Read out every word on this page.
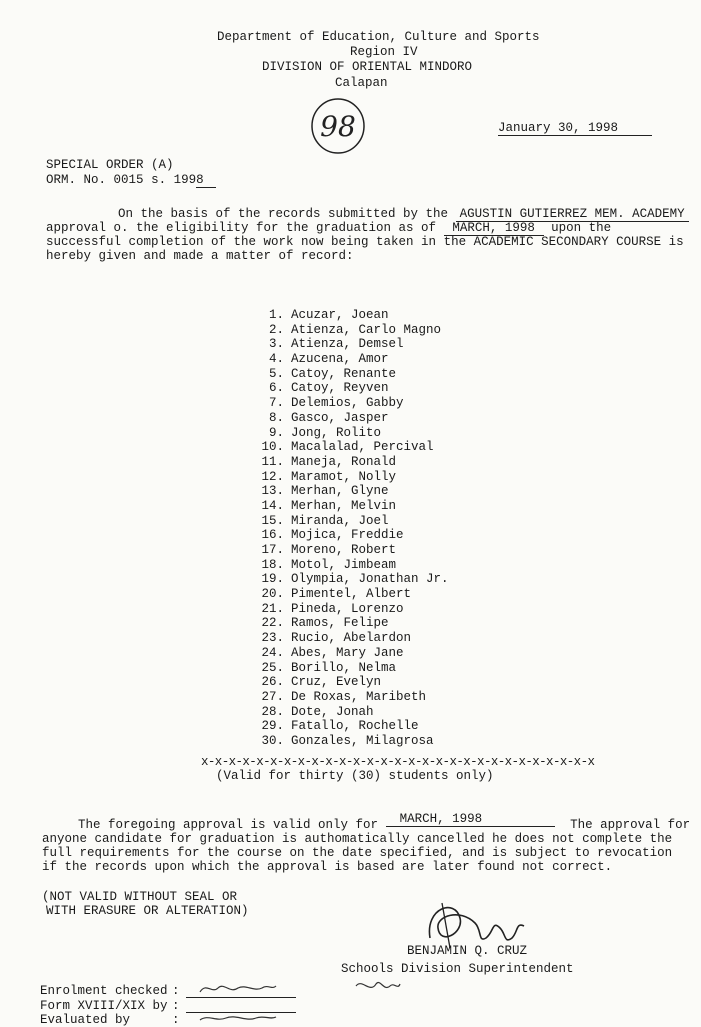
Department of Education, Culture and Sports
Region IV
DIVISION OF ORIENTAL MINDORO
Calapan
98	January 30, 1998
SPECIAL ORDER (A)
ORM. No. 0015 s. 1998
On the basis of the records submitted by the AGUSTIN GUTIERREZ MEM. ACADEMY
approval o. the eligibility for the graduation as of MARCH, 1998 upon the
successful completion of the work now being taken in the ACADEMIC SECONDARY COURSE is
hereby given and made a matter of record:
1. Acuzar, Joean
2. Atienza, Carlo Magno
3. Atienza, Demsel
4. Azucena, Amor
5. Catoy, Renante
6. Catoy, Reyven
7. Delemios, Gabby
8. Gasco, Jasper
9. Jong, Rolito
10. Macalalad, Percival
11. Maneja, Ronald
12. Maramot, Nolly
13. Merhan, Glyne
14. Merhan, Melvin
15. Miranda, Joel
16. Mojica, Freddie
17. Moreno, Robert
18. Motol, Jimbeam
19. Olympia, Jonathan Jr.
20. Pimentel, Albert
21. Pineda, Lorenzo
22. Ramos, Felipe
23. Rucio, Abelardon
24. Abes, Mary Jane
25. Borillo, Nelma
26. Cruz, Evelyn
27. De Roxas, Maribeth
28. Dote, Jonah
29. Fatallo, Rochelle
30. Gonzales, Milagrosa
x-x-x-x-x-x-x-x-x-x-x-x-x-x-x-x-x-x-x-x-x-x-x-x-x-x-x-x-x
(Valid for thirty (30) students only)
The foregoing approval is valid only for MARCH, 1998	The approval for
anyone candidate for graduation is authomatically cancelled he does not complete the
full requirements for the course on the date specified, and is subject to revocation
if the records upon which the approval is based are later found not correct.
(NOT VALID WITHOUT SEAL OR
WITH ERASURE OR ALTERATION)
BENJAMIN Q. CRUZ
Schools Division Superintendent
Enrolment checked :
Form XVIII/XIX by :
Evaluated by	:
